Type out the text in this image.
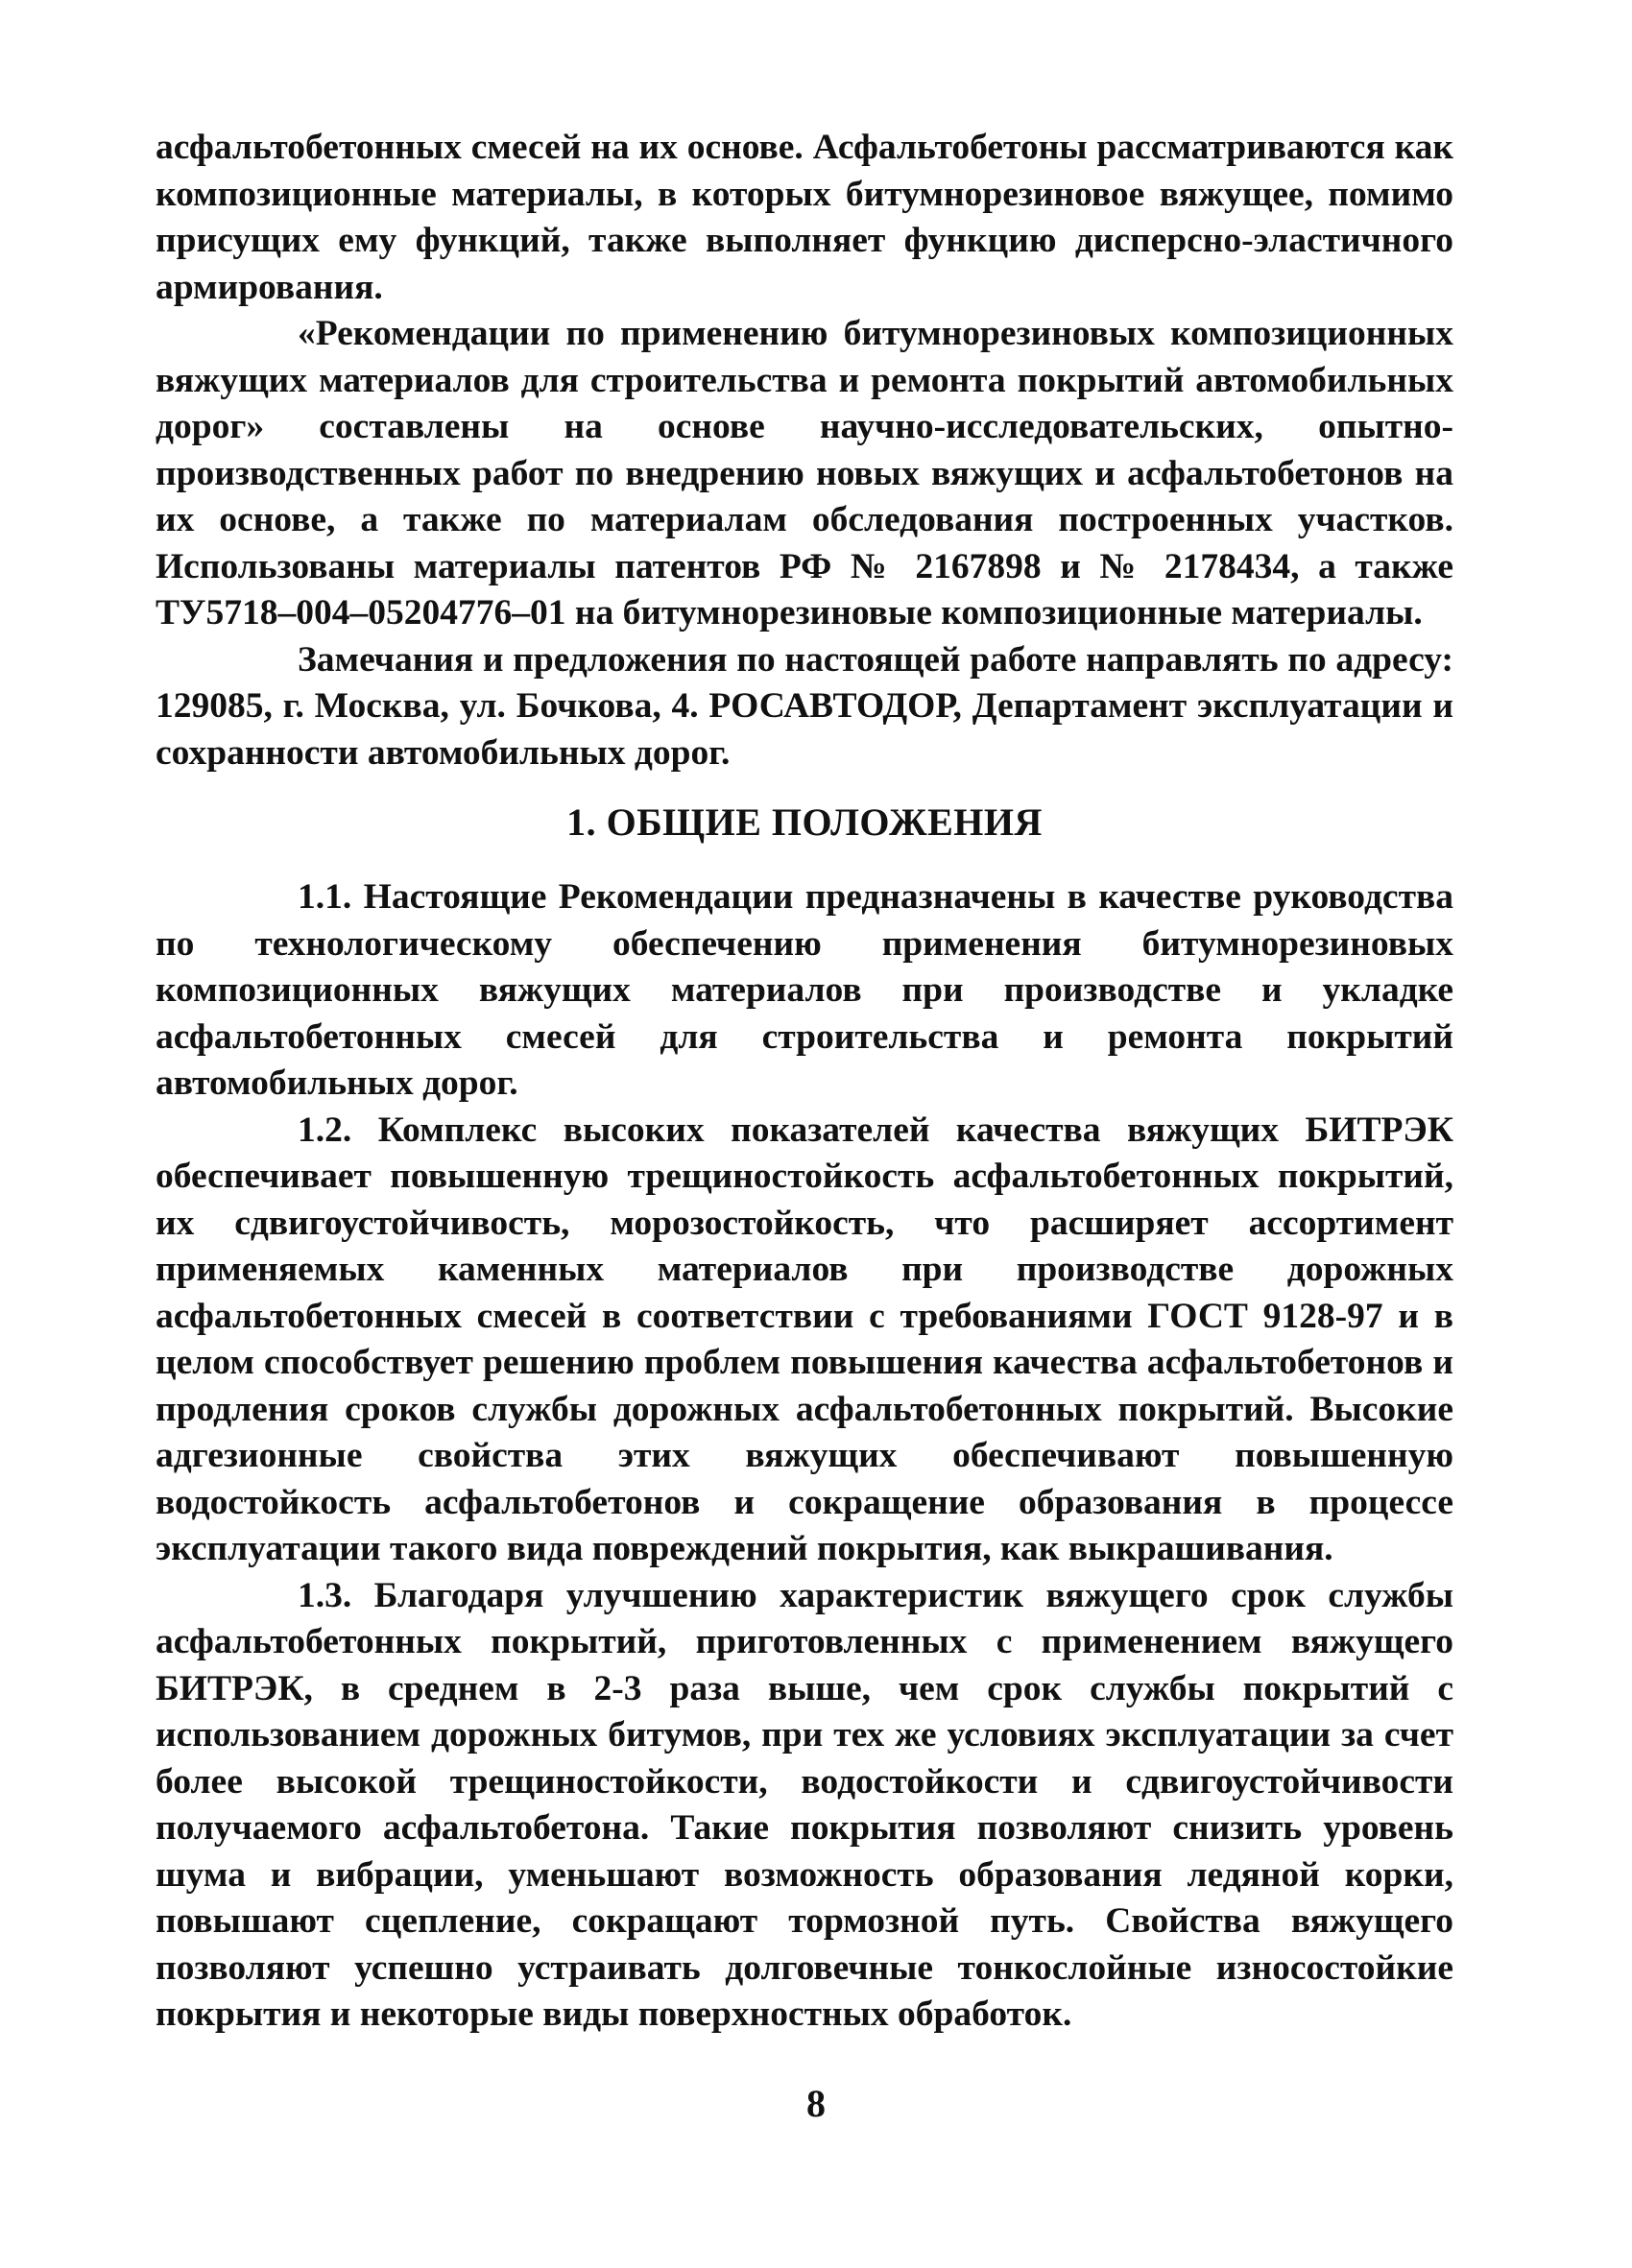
асфальтобетонных смесей на их основе. Асфальтобетоны рассматриваются как композиционные материалы, в которых битумнорезиновое вяжущее, помимо присущих ему функций, также выполняет функцию дисперсно-эластичного армирования.

«Рекомендации по применению битумнорезиновых композиционных вяжущих материалов для строительства и ремонта покрытий автомобильных дорог» составлены на основе научно-исследовательских, опытно-производственных работ по внедрению новых вяжущих и асфальтобетонов на их основе, а также по материалам обследования построенных участков. Использованы материалы патентов РФ № 2167898 и № 2178434, а также ТУ5718–004–05204776–01 на битумнорезиновые композиционные материалы.

Замечания и предложения по настоящей работе направлять по адресу: 129085, г. Москва, ул. Бочкова, 4. РОСАВТОДОР, Департамент эксплуатации и сохранности автомобильных дорог.

1. ОБЩИЕ ПОЛОЖЕНИЯ

1.1. Настоящие Рекомендации предназначены в качестве руководства по технологическому обеспечению применения битумнорезиновых композиционных вяжущих материалов при производстве и укладке асфальтобетонных смесей для строительства и ремонта покрытий автомобильных дорог.

1.2. Комплекс высоких показателей качества вяжущих БИТРЭК обеспечивает повышенную трещиностойкость асфальтобетонных покрытий, их сдвигоустойчивость, морозостойкость, что расширяет ассортимент применяемых каменных материалов при производстве дорожных асфальтобетонных смесей в соответствии с требованиями ГОСТ 9128-97 и в целом способствует решению проблем повышения качества асфальтобетонов и продления сроков службы дорожных асфальтобетонных покрытий. Высокие адгезионные свойства этих вяжущих обеспечивают повышенную водостойкость асфальтобетонов и сокращение образования в процессе эксплуатации такого вида повреждений покрытия, как выкрашивания.

1.3. Благодаря улучшению характеристик вяжущего срок службы асфальтобетонных покрытий, приготовленных с применением вяжущего БИТРЭК, в среднем в 2-3 раза выше, чем срок службы покрытий с использованием дорожных битумов, при тех же условиях эксплуатации за счет более высокой трещиностойкости, водостойкости и сдвигоустойчивости получаемого асфальтобетона. Такие покрытия позволяют снизить уровень шума и вибрации, уменьшают возможность образования ледяной корки, повышают сцепление, сокращают тормозной путь. Свойства вяжущего позволяют успешно устраивать долговечные тонкослойные износостойкие покрытия и некоторые виды поверхностных обработок.

8
